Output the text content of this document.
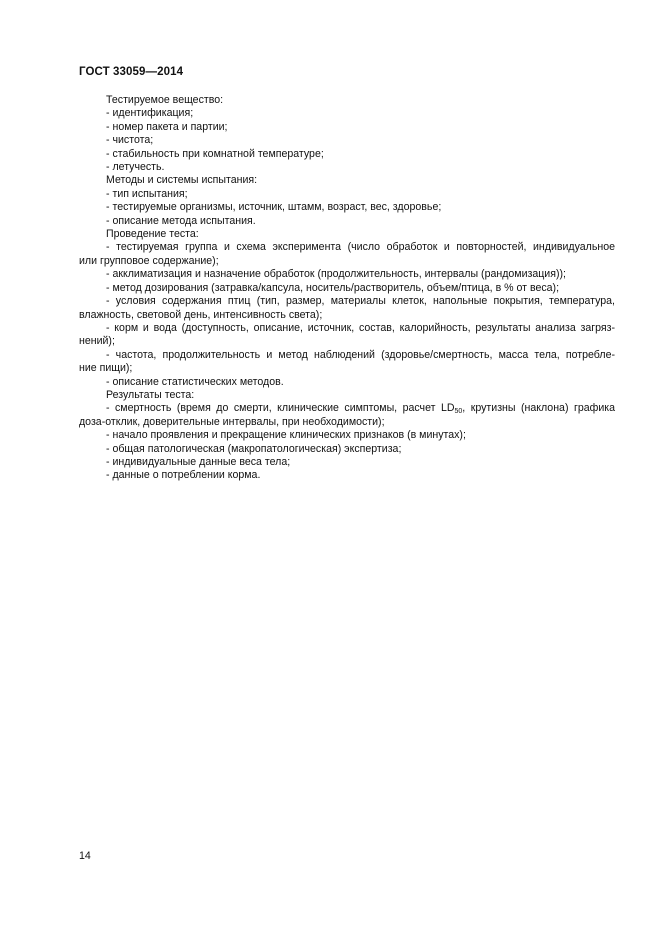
ГОСТ 33059—2014

Тестируемое вещество:

- идентификация;

- номер пакета и партии;

- чистота;

- стабильность при комнатной температуре;

- летучесть.

Методы и системы испытания:

- тип испытания;

- тестируемые организмы, источник, штамм, возраст, вес, здоровье;

- описание метода испытания.

Проведение теста:

- тестируемая группа и схема эксперимента (число обработок и повторностей, индивидуальное
или групповое содержание);

- акклиматизация и назначение обработок (продолжительность, интервалы (рандомизация));

- метод дозирования (затравка/капсула, носитель/растворитель, объем/птица, в % от веса);

- условия содержания птиц (тип, размер, материалы клеток, напольные покрытия, температура,
влажность, световой день, интенсивность света);

- корм и вода (доступность, описание, источник, состав, калорийность, результаты анализа загряз-
нений);

- частота, продолжительность и метод наблюдений (здоровье/смертность, масса тела, потребле-
ние пищи);

- описание статистических методов.

Результаты теста:

- смертность (время до смерти, клинические симптомы, расчет $LD_{50}$, крутизны (наклона) графика
доза-отклик, доверительные интервалы, при необходимости);

- начало проявления и прекращение клинических признаков (в минутах);

- общая патологическая (макропатологическая) экспертиза;

- индивидуальные данные веса тела;

- данные о потреблении корма.

14
